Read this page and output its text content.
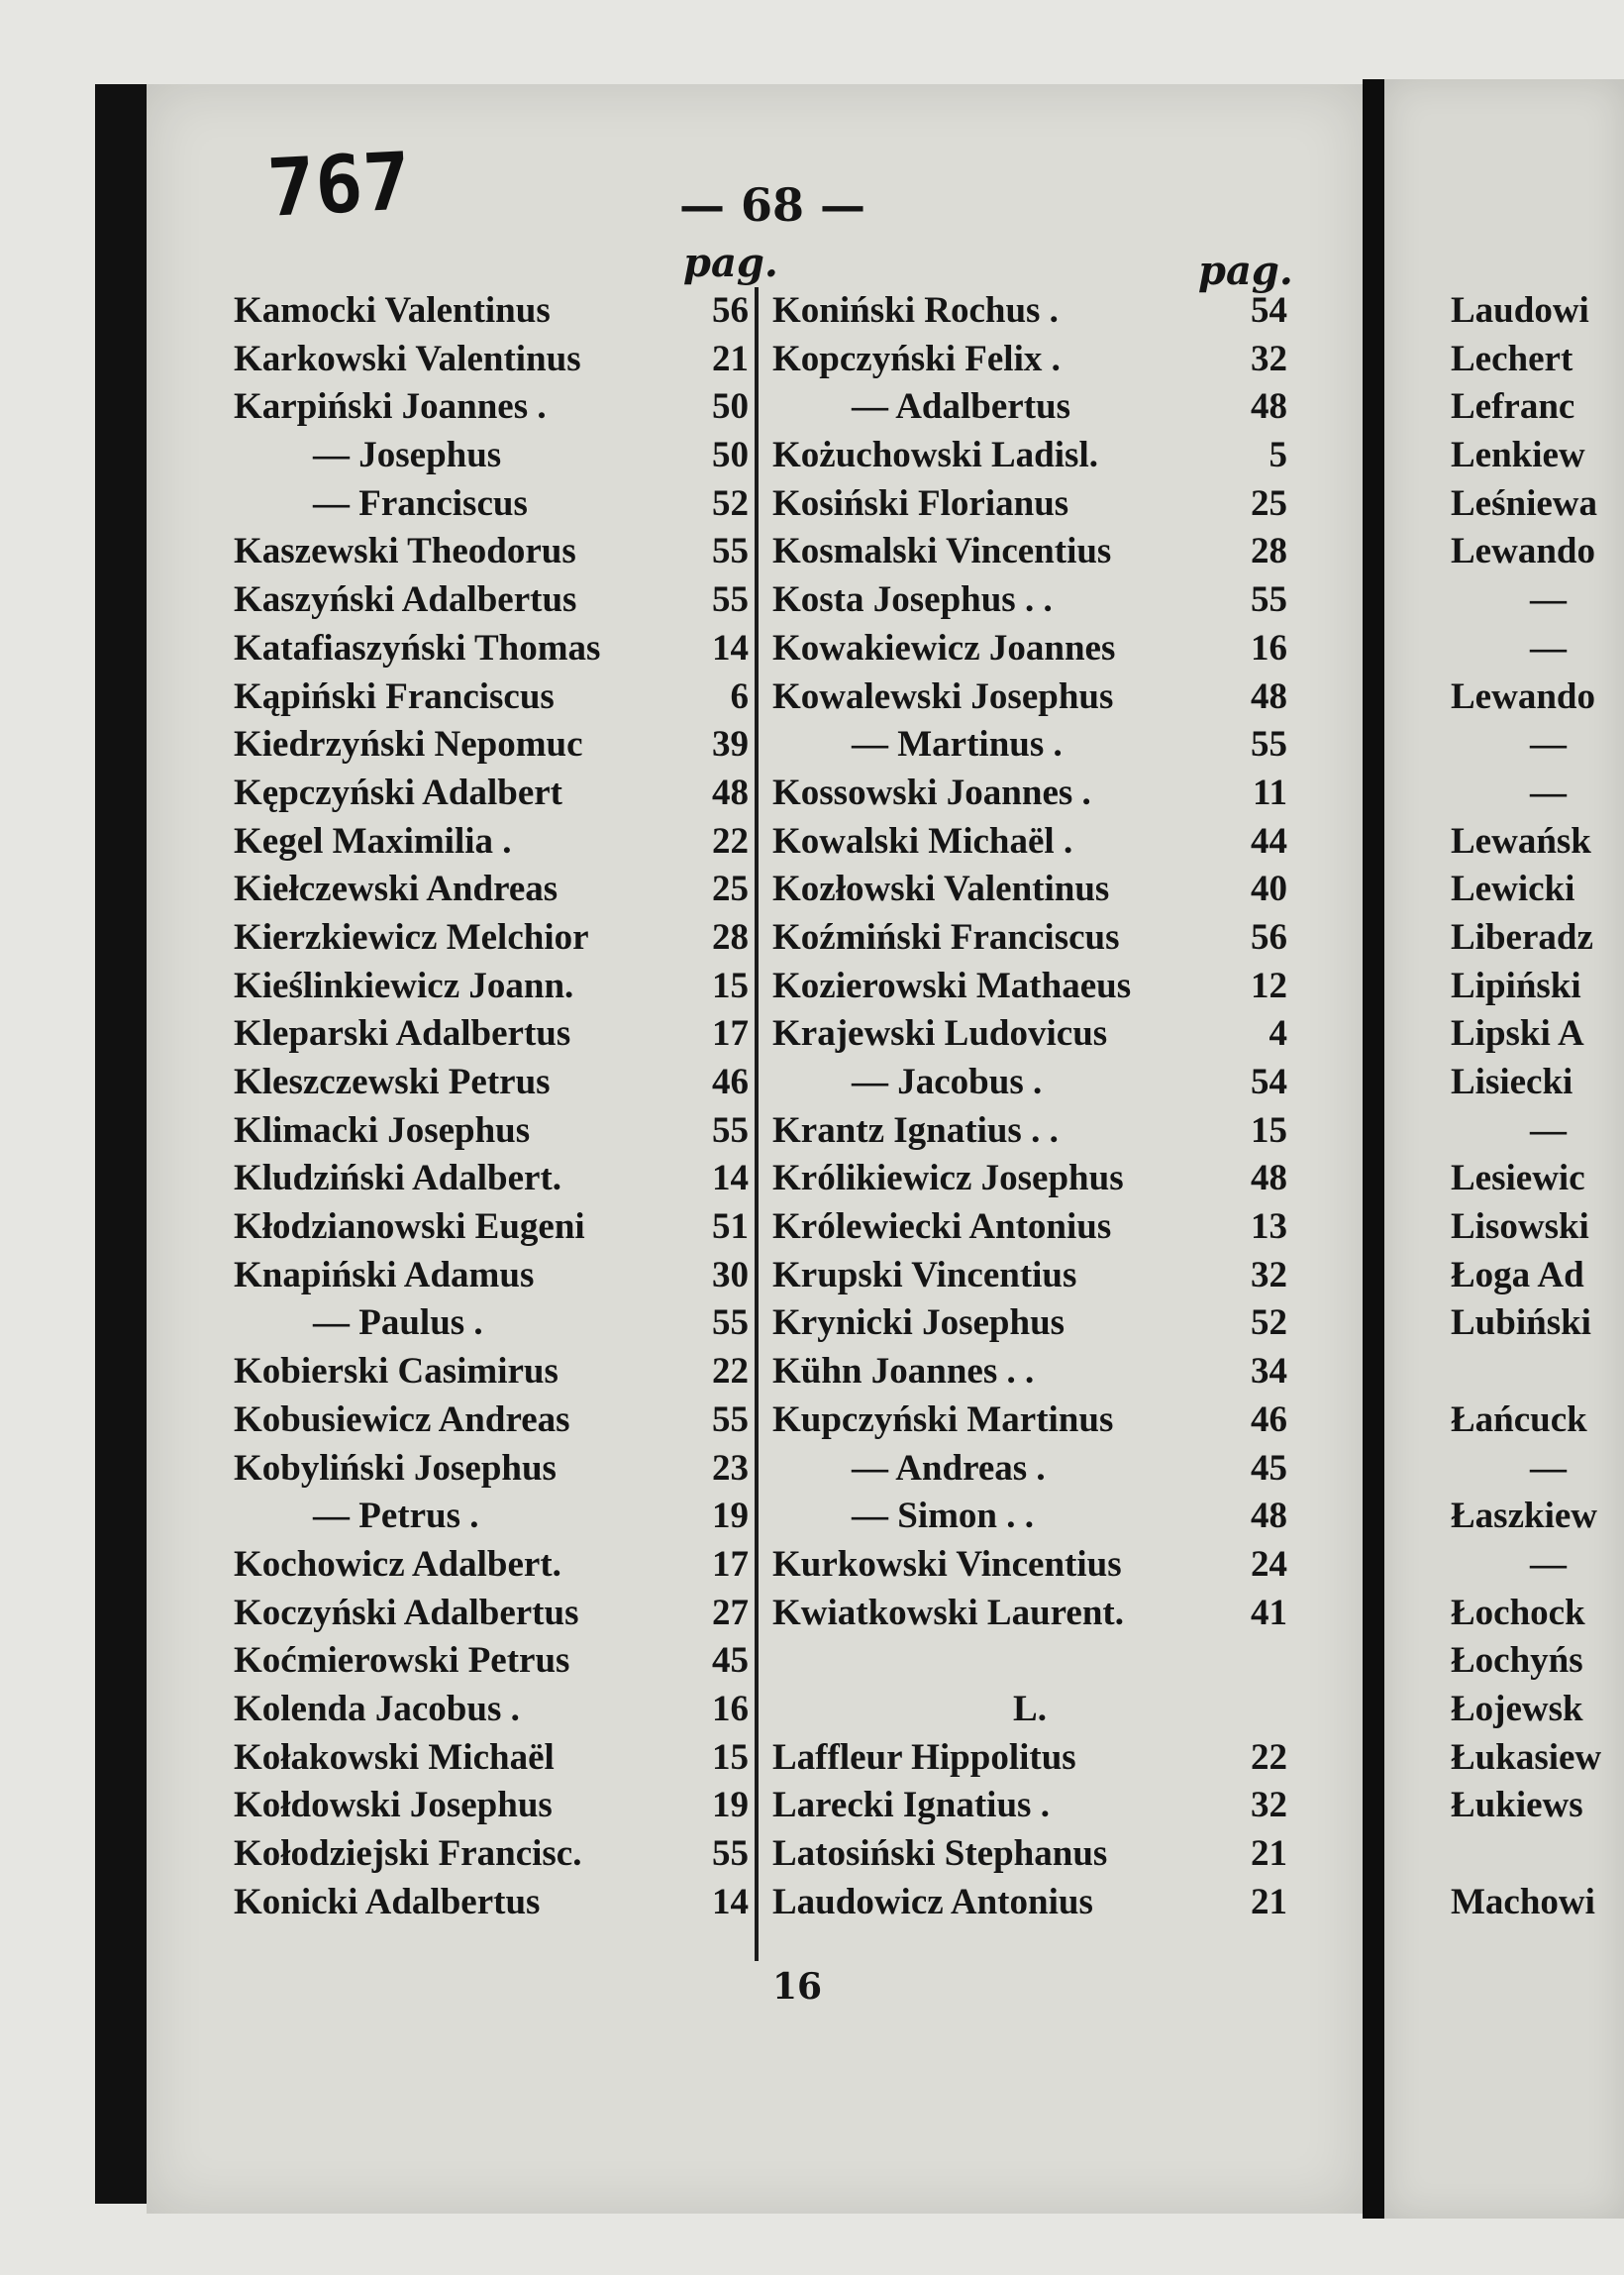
767	— 68 —
pag.	pag.
Kamocki Valentinus	56
Karkowski Valentinus	21
Karpiński Joannes .	50
— Josephus	50
— Franciscus	52
Kaszewski Theodorus	55
Kaszyński Adalbertus	55
Katafiaszyński Thomas	14
Kąpiński Franciscus	6
Kiedrzyński Nepomuc	39
Kępczyński Adalbert	48
Kegel Maximilia .	22
Kiełczewski Andreas	25
Kierzkiewicz Melchior	28
Kieślinkiewicz Joann.	15
Kleparski Adalbertus	17
Kleszczewski Petrus	46
Klimacki Josephus	55
Kludziński Adalbert.	14
Kłodzianowski Eugeni	51
Knapiński Adamus	30
— Paulus .	55
Kobierski Casimirus	22
Kobusiewicz Andreas	55
Kobyliński Josephus	23
— Petrus .	19
Kochowicz Adalbert.	17
Koczyński Adalbertus	27
Koćmierowski Petrus	45
Kolenda Jacobus .	16
Kołakowski Michaël	15
Kołdowski Josephus	19
Kołodziejski Francisc.	55
Konicki Adalbertus	14
Koniński Rochus .	54
Kopczyński Felix .	32
— Adalbertus	48
Kożuchowski Ladisl.	5
Kosiński Florianus	25
Kosmalski Vincentius	28
Kosta Josephus . .	55
Kowakiewicz Joannes	16
Kowalewski Josephus	48
— Martinus .	55
Kossowski Joannes .	11
Kowalski Michaël .	44
Kozłowski Valentinus	40
Koźmiński Franciscus	56
Kozierowski Mathaeus	12
Krajewski Ludovicus	4
— Jacobus .	54
Krantz Ignatius . .	15
Królikiewicz Josephus	48
Królewiecki Antonius	13
Krupski Vincentius	32
Krynicki Josephus	52
Kühn Joannes . .	34
Kupczyński Martinus	46
— Andreas .	45
— Simon . .	48
Kurkowski Vincentius	24
Kwiatkowski Laurent.	41
L.
Laffleur Hippolitus	22
Larecki Ignatius .	32
Latosiński Stephanus	21
Laudowicz Antonius	21
Laudowi
Lechert
Lefranc
Lenkiew
Leśniewa
Lewando
—
—
Lewando
—
—
Lewańsk
Lewicki
Liberadz
Lipiński
Lipski A
Lisiecki
—
Lesiewic
Lisowski
Łoga Ad
Lubiński
Łańcuck
—
Łaszkiew
—
Łochock
Łochyńs
Łojewsk
Łukasiew
Łukiews
Machowi
16
